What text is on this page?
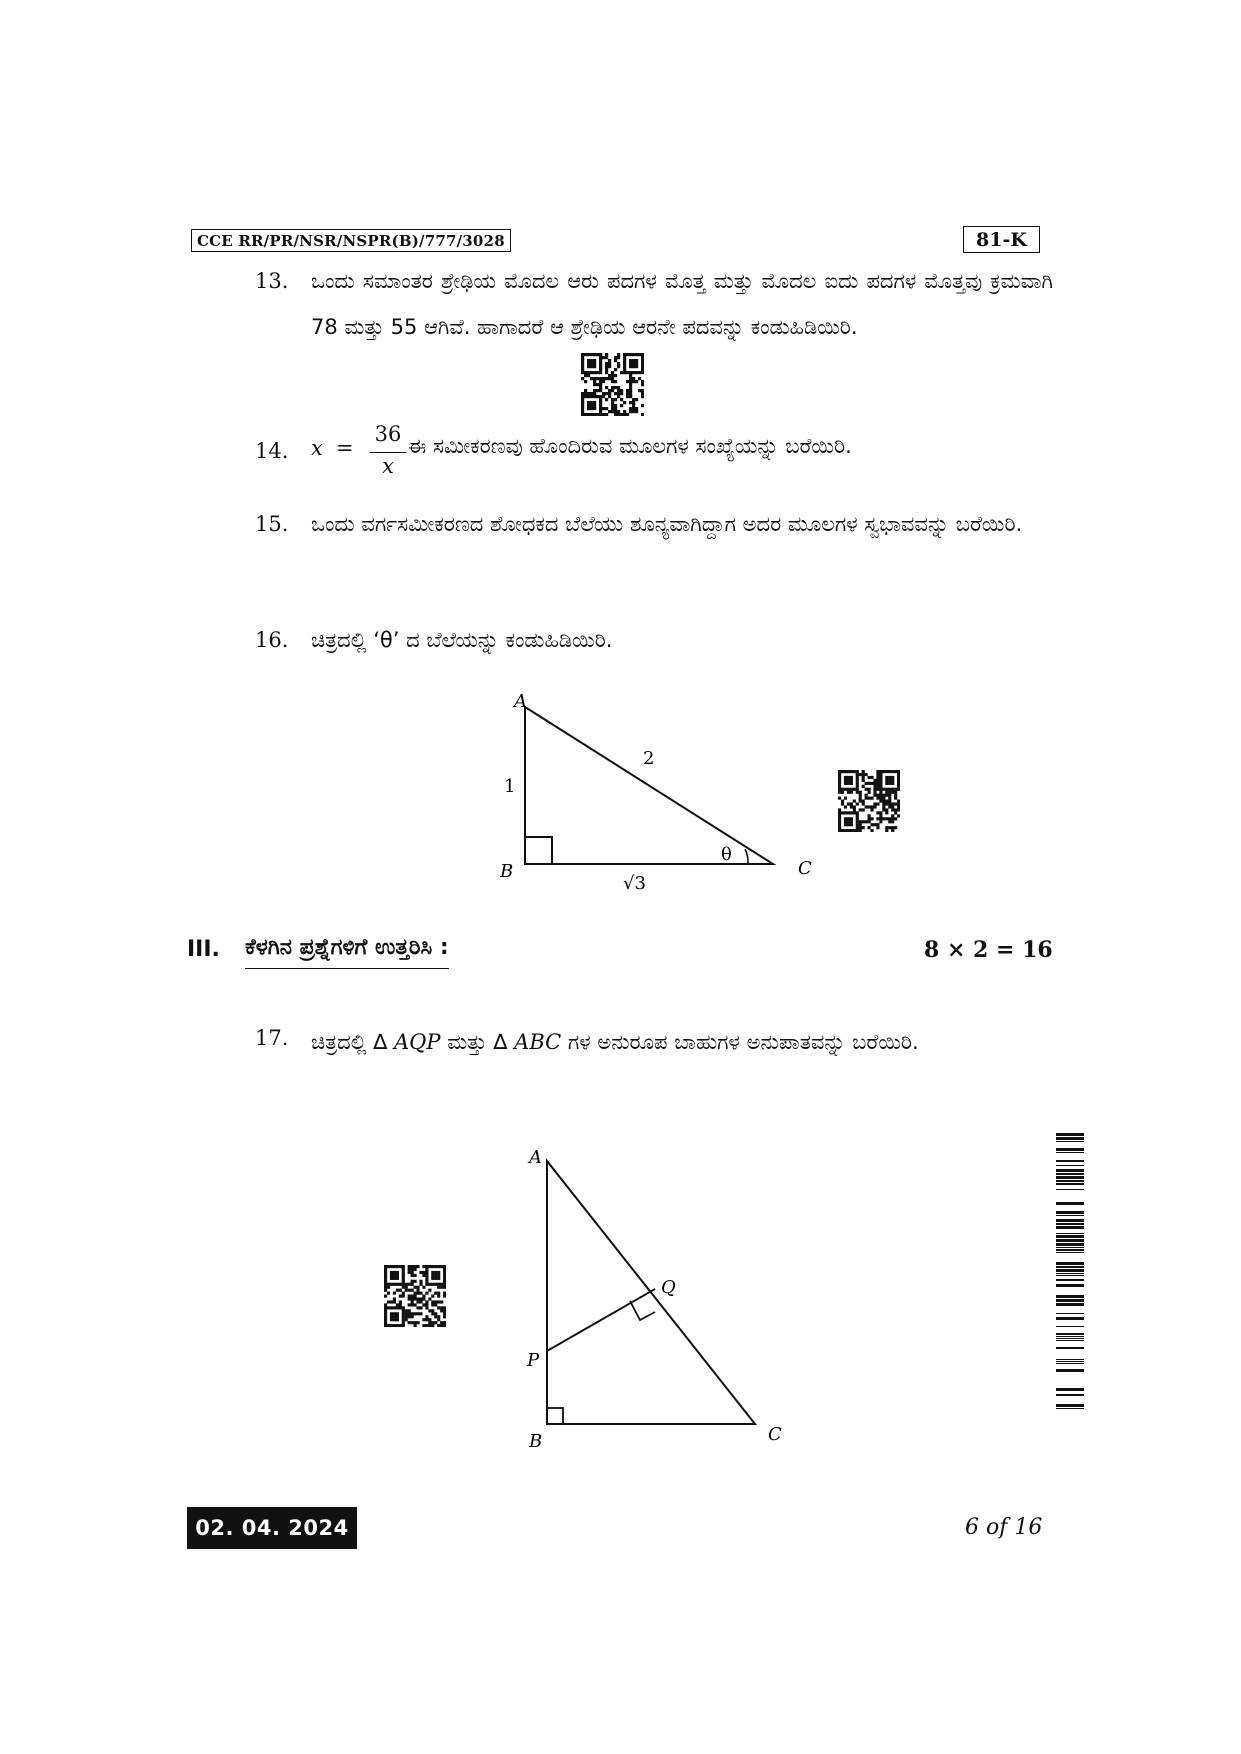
CCE RR/PR/NSR/NSPR(B)/777/3028	81-K
13. ಒಂದು ಸಮಾಂತರ ಶ್ರೇಢಿಯ ಮೊದಲ ಆರು ಪದಗಳ ಮೊತ್ತ ಮತ್ತು ಮೊದಲ ಐದು ಪದಗಳ ಮೊತ್ತವು ಕ್ರಮವಾಗಿ 78 ಮತ್ತು 55 ಆಗಿವೆ. ಹಾಗಾದರೆ ಆ ಶ್ರೇಢಿಯ ಆರನೇ ಪದವನ್ನು ಕಂಡುಹಿಡಿಯಿರಿ.
14. x =
36
x
ಈ ಸಮೀಕರಣವು ಹೊಂದಿರುವ ಮೂಲಗಳ ಸಂಖ್ಯೆಯನ್ನು ಬರೆಯಿರಿ.
15. ಒಂದು ವರ್ಗಸಮೀಕರಣದ ಶೋಧಕದ ಬೆಲೆಯು ಶೂನ್ಯವಾಗಿದ್ದಾಗ ಅದರ ಮೂಲಗಳ ಸ್ವಭಾವವನ್ನು ಬರೆಯಿರಿ.
16. ಚಿತ್ರದಲ್ಲಿ ‘θ’ ದ ಬೆಲೆಯನ್ನು ಕಂಡುಹಿಡಿಯಿರಿ.
A
B	C
1
2
√3
θ
III. ಕೆಳಗಿನ ಪ್ರಶ್ನೆಗಳಿಗೆ ಉತ್ತರಿಸಿ :	8 × 2 = 16
17. ಚಿತ್ರದಲ್ಲಿ ∆ AQP ಮತ್ತು ∆ ABC ಗಳ ಅನುರೂಪ ಬಾಹುಗಳ ಅನುಪಾತವನ್ನು ಬರೆಯಿರಿ.
A
B	C
P
Q
02. 04. 2024	6 of 16
